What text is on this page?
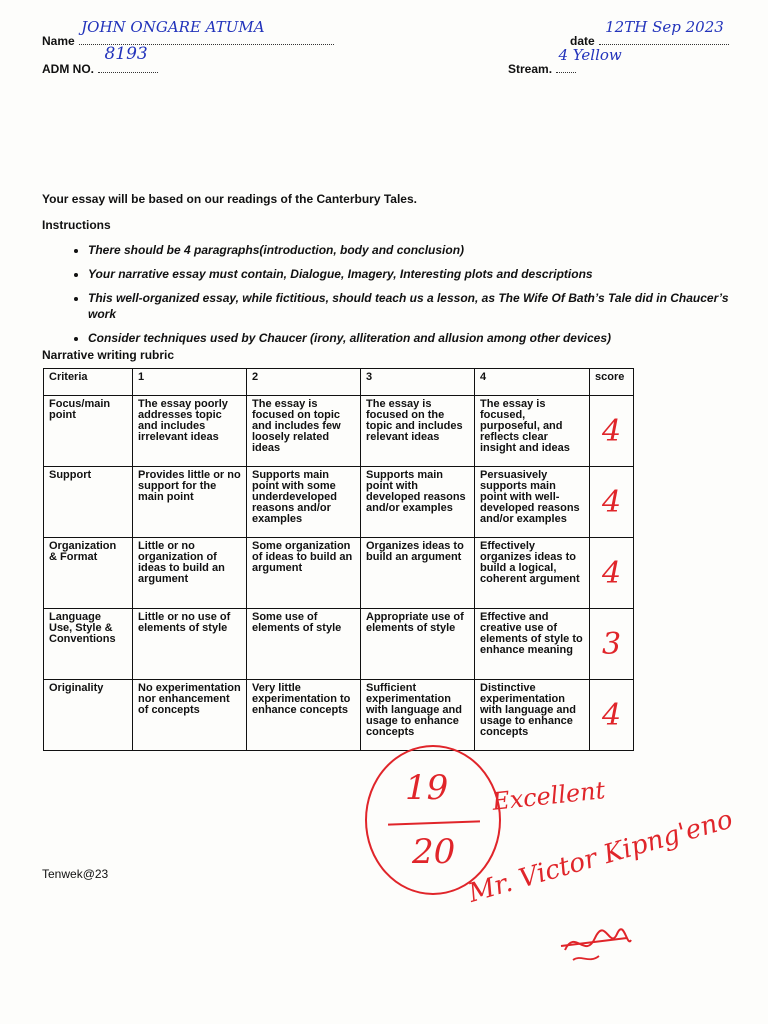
Name
JOHN ONGARE ATUMA
date
12TH Sep 2023
ADM NO.
8193
Stream.
4 Yellow
Your essay will be based on our readings of the Canterbury Tales.
Instructions
• There should be 4 paragraphs(introduction, body and conclusion)
• Your narrative essay must contain, Dialogue, Imagery, Interesting plots and descriptions
• This well-organized essay, while fictitious, should teach us a lesson, as The Wife Of Bath’s Tale did in Chaucer’s work
• Consider techniques used by Chaucer (irony, alliteration and allusion among other devices)
Narrative writing rubric
Criteria	1	2	3	4	score
Focus/main point	The essay poorly addresses topic and includes irrelevant ideas	The essay is focused on topic and includes few loosely related ideas	The essay is focused on the topic and includes relevant ideas	The essay is focused, purposeful, and reflects clear insight and ideas	4
Support	Provides little or no support for the main point	Supports main point with some underdeveloped reasons and/or examples	Supports main point with developed reasons and/or examples	Persuasively supports main point with well-developed reasons and/or examples	4
Organization & Format	Little or no organization of ideas to build an argument	Some organization of ideas to build an argument	Organizes ideas to build an argument	Effectively organizes ideas to build a logical, coherent argument	4
Language Use, Style & Conventions	Little or no use of elements of style	Some use of elements of style	Appropriate use of elements of style	Effective and creative use of elements of style to enhance meaning	3
Originality	No experimentation nor enhancement of concepts	Very little experimentation to enhance concepts	Sufficient experimentation with language and usage to enhance concepts	Distinctive experimentation with language and usage to enhance concepts	4
19
20
Excellent
Mr. Victor Kipng'eno
Tenwek@23
